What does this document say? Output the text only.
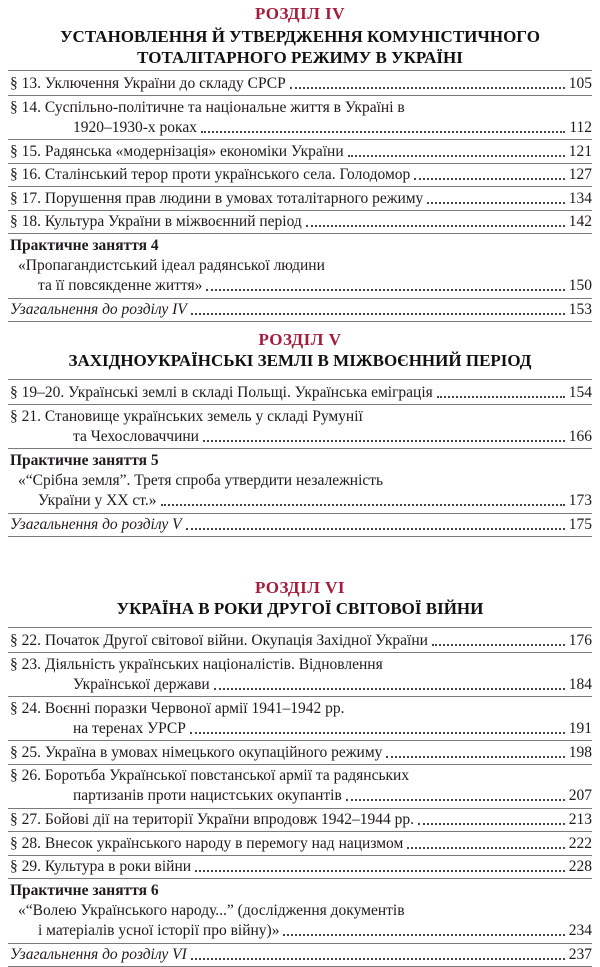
РОЗДІЛ IV
УСТАНОВЛЕННЯ Й УТВЕРДЖЕННЯ КОМУНІСТИЧНОГО
ТОТАЛІТАРНОГО РЕЖИМУ В УКРАЇНІ
§ 13. Уключення України до складу СРСР	105
§ 14. Суспільно-політичне та національне життя в Україні в
1920–1930-х роках	112
§ 15. Радянська «модернізація» економіки України	121
§ 16. Сталінський терор проти українського села. Голодомор	127
§ 17. Порушення прав людини в умовах тоталітарного режиму	134
§ 18. Культура України в міжвоєнний період	142
Практичне заняття 4
«Пропагандистський ідеал радянської людини
та її повсякденне життя»	150
Узагальнення до розділу IV	153
РОЗДІЛ V
ЗАХІДНОУКРАЇНСЬКІ ЗЕМЛІ В МІЖВОЄННИЙ ПЕРІОД
§ 19–20. Українські землі в складі Польщі. Українська еміграція	154
§ 21. Становище українських земель у складі Румунії
та Чехословаччини	166
Практичне заняття 5
«“Срібна земля”. Третя спроба утвердити незалежність
України у XX ст.»	173
Узагальнення до розділу V	175
РОЗДІЛ VI
УКРАЇНА В РОКИ ДРУГОЇ СВІТОВОЇ ВІЙНИ
§ 22. Початок Другої світової війни. Окупація Західної України	176
§ 23. Діяльність українських націоналістів. Відновлення
Української держави	184
§ 24. Воєнні поразки Червоної армії 1941–1942 рр.
на теренах УРСР	191
§ 25. Україна в умовах німецького окупаційного режиму	198
§ 26. Боротьба Української повстанської армії та радянських
партизанів проти нацистських окупантів	207
§ 27. Бойові дії на території України впродовж 1942–1944 рр.	213
§ 28. Внесок українського народу в перемогу над нацизмом	222
§ 29. Культура в роки війни	228
Практичне заняття 6
«“Волею Українського народу...” (дослідження документів
і матеріалів усної історії про війну)»	234
Узагальнення до розділу VI	237
